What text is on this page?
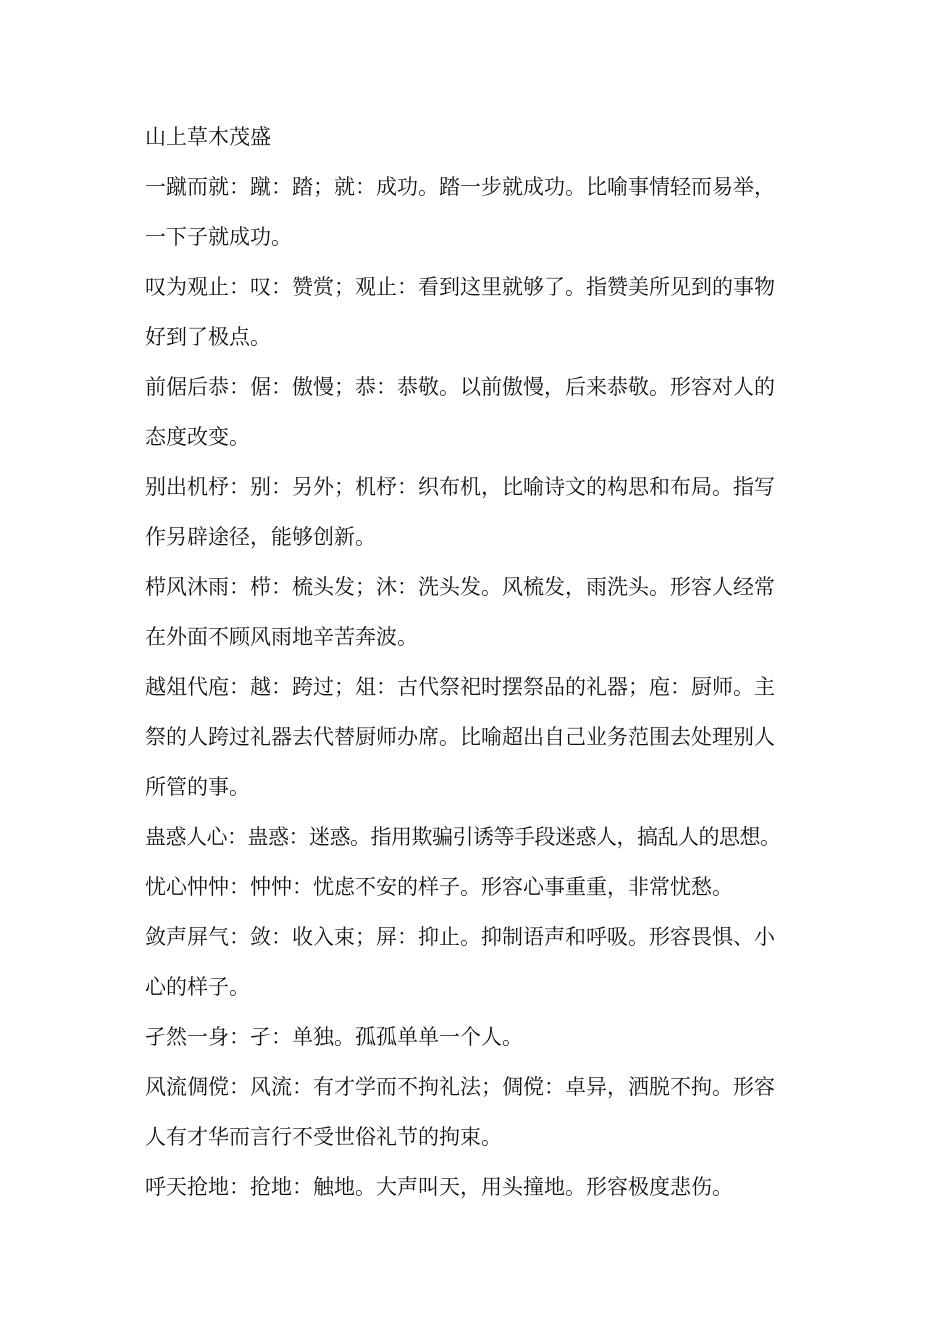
山上草木茂盛
一蹴而就：蹴：踏；就：成功。踏一步就成功。比喻事情轻而易举，
一下子就成功。
叹为观止：叹：赞赏；观止：看到这里就够了。指赞美所见到的事物
好到了极点。
前倨后恭：倨：傲慢；恭：恭敬。以前傲慢，后来恭敬。形容对人的
态度改变。
别出机杼：别：另外；机杼：织布机，比喻诗文的构思和布局。指写
作另辟途径，能够创新。
栉风沐雨：栉：梳头发；沐：洗头发。风梳发，雨洗头。形容人经常
在外面不顾风雨地辛苦奔波。
越俎代庖：越：跨过；俎：古代祭祀时摆祭品的礼器；庖：厨师。主
祭的人跨过礼器去代替厨师办席。比喻超出自己业务范围去处理别人
所管的事。
蛊惑人心：蛊惑：迷惑。指用欺骗引诱等手段迷惑人，搞乱人的思想。
忧心忡忡：忡忡：忧虑不安的样子。形容心事重重，非常忧愁。
敛声屏气：敛：收入束；屏：抑止。抑制语声和呼吸。形容畏惧、小
心的样子。
孑然一身：孑：单独。孤孤单单一个人。
风流倜傥：风流：有才学而不拘礼法；倜傥：卓异，洒脱不拘。形容
人有才华而言行不受世俗礼节的拘束。
呼天抢地：抢地：触地。大声叫天，用头撞地。形容极度悲伤。
